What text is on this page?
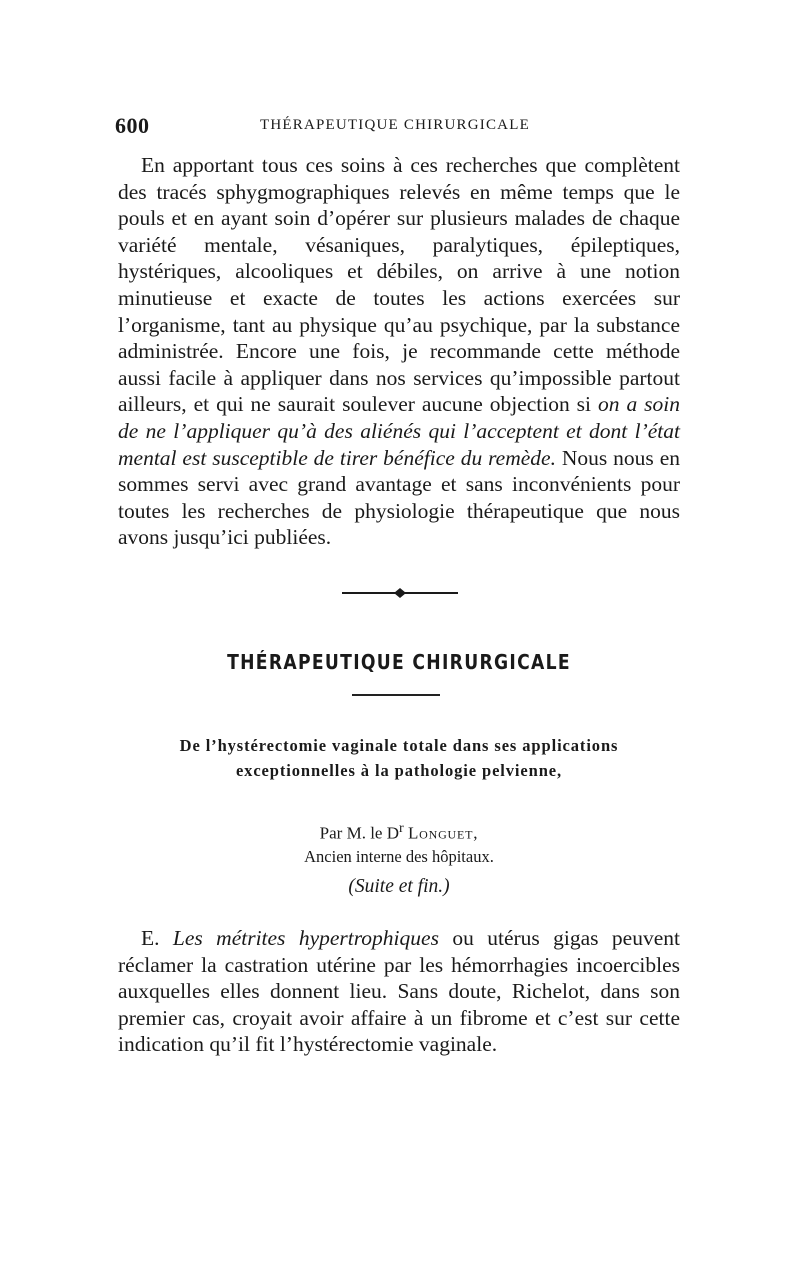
600	THÉRAPEUTIQUE CHIRURGICALE

En apportant tous ces soins à ces recherches que complètent des tracés sphygmographiques relevés en même temps que le pouls et en ayant soin d’opérer sur plusieurs malades de chaque variété mentale, vésaniques, paralytiques, épileptiques, hystériques, alcooliques et débiles, on arrive à une notion minutieuse et exacte de toutes les actions exercées sur l’organisme, tant au physique qu’au psychique, par la substance administrée. Encore une fois, je recommande cette méthode aussi facile à appliquer dans nos services qu’impossible partout ailleurs, et qui ne saurait soulever aucune objection si on a soin de ne l’appliquer qu’à des aliénés qui l’acceptent et dont l’état mental est susceptible de tirer bénéfice du remède. Nous nous en sommes servi avec grand avantage et sans inconvénients pour toutes les recherches de physiologie thérapeutique que nous avons jusqu’ici publiées.

THÉRAPEUTIQUE CHIRURGICALE

De l’hystérectomie vaginale totale dans ses applications exceptionnelles à la pathologie pelvienne,

Par M. le $D^r$ Longuet,
Ancien interne des hôpitaux.
(Suite et fin.)

E. Les métrites hypertrophiques ou utérus gigas peuvent réclamer la castration utérine par les hémorrhagies incoercibles auxquelles elles donnent lieu. Sans doute, Richelot, dans son premier cas, croyait avoir affaire à un fibrome et c’est sur cette indication qu’il fit l’hystérectomie vaginale.
